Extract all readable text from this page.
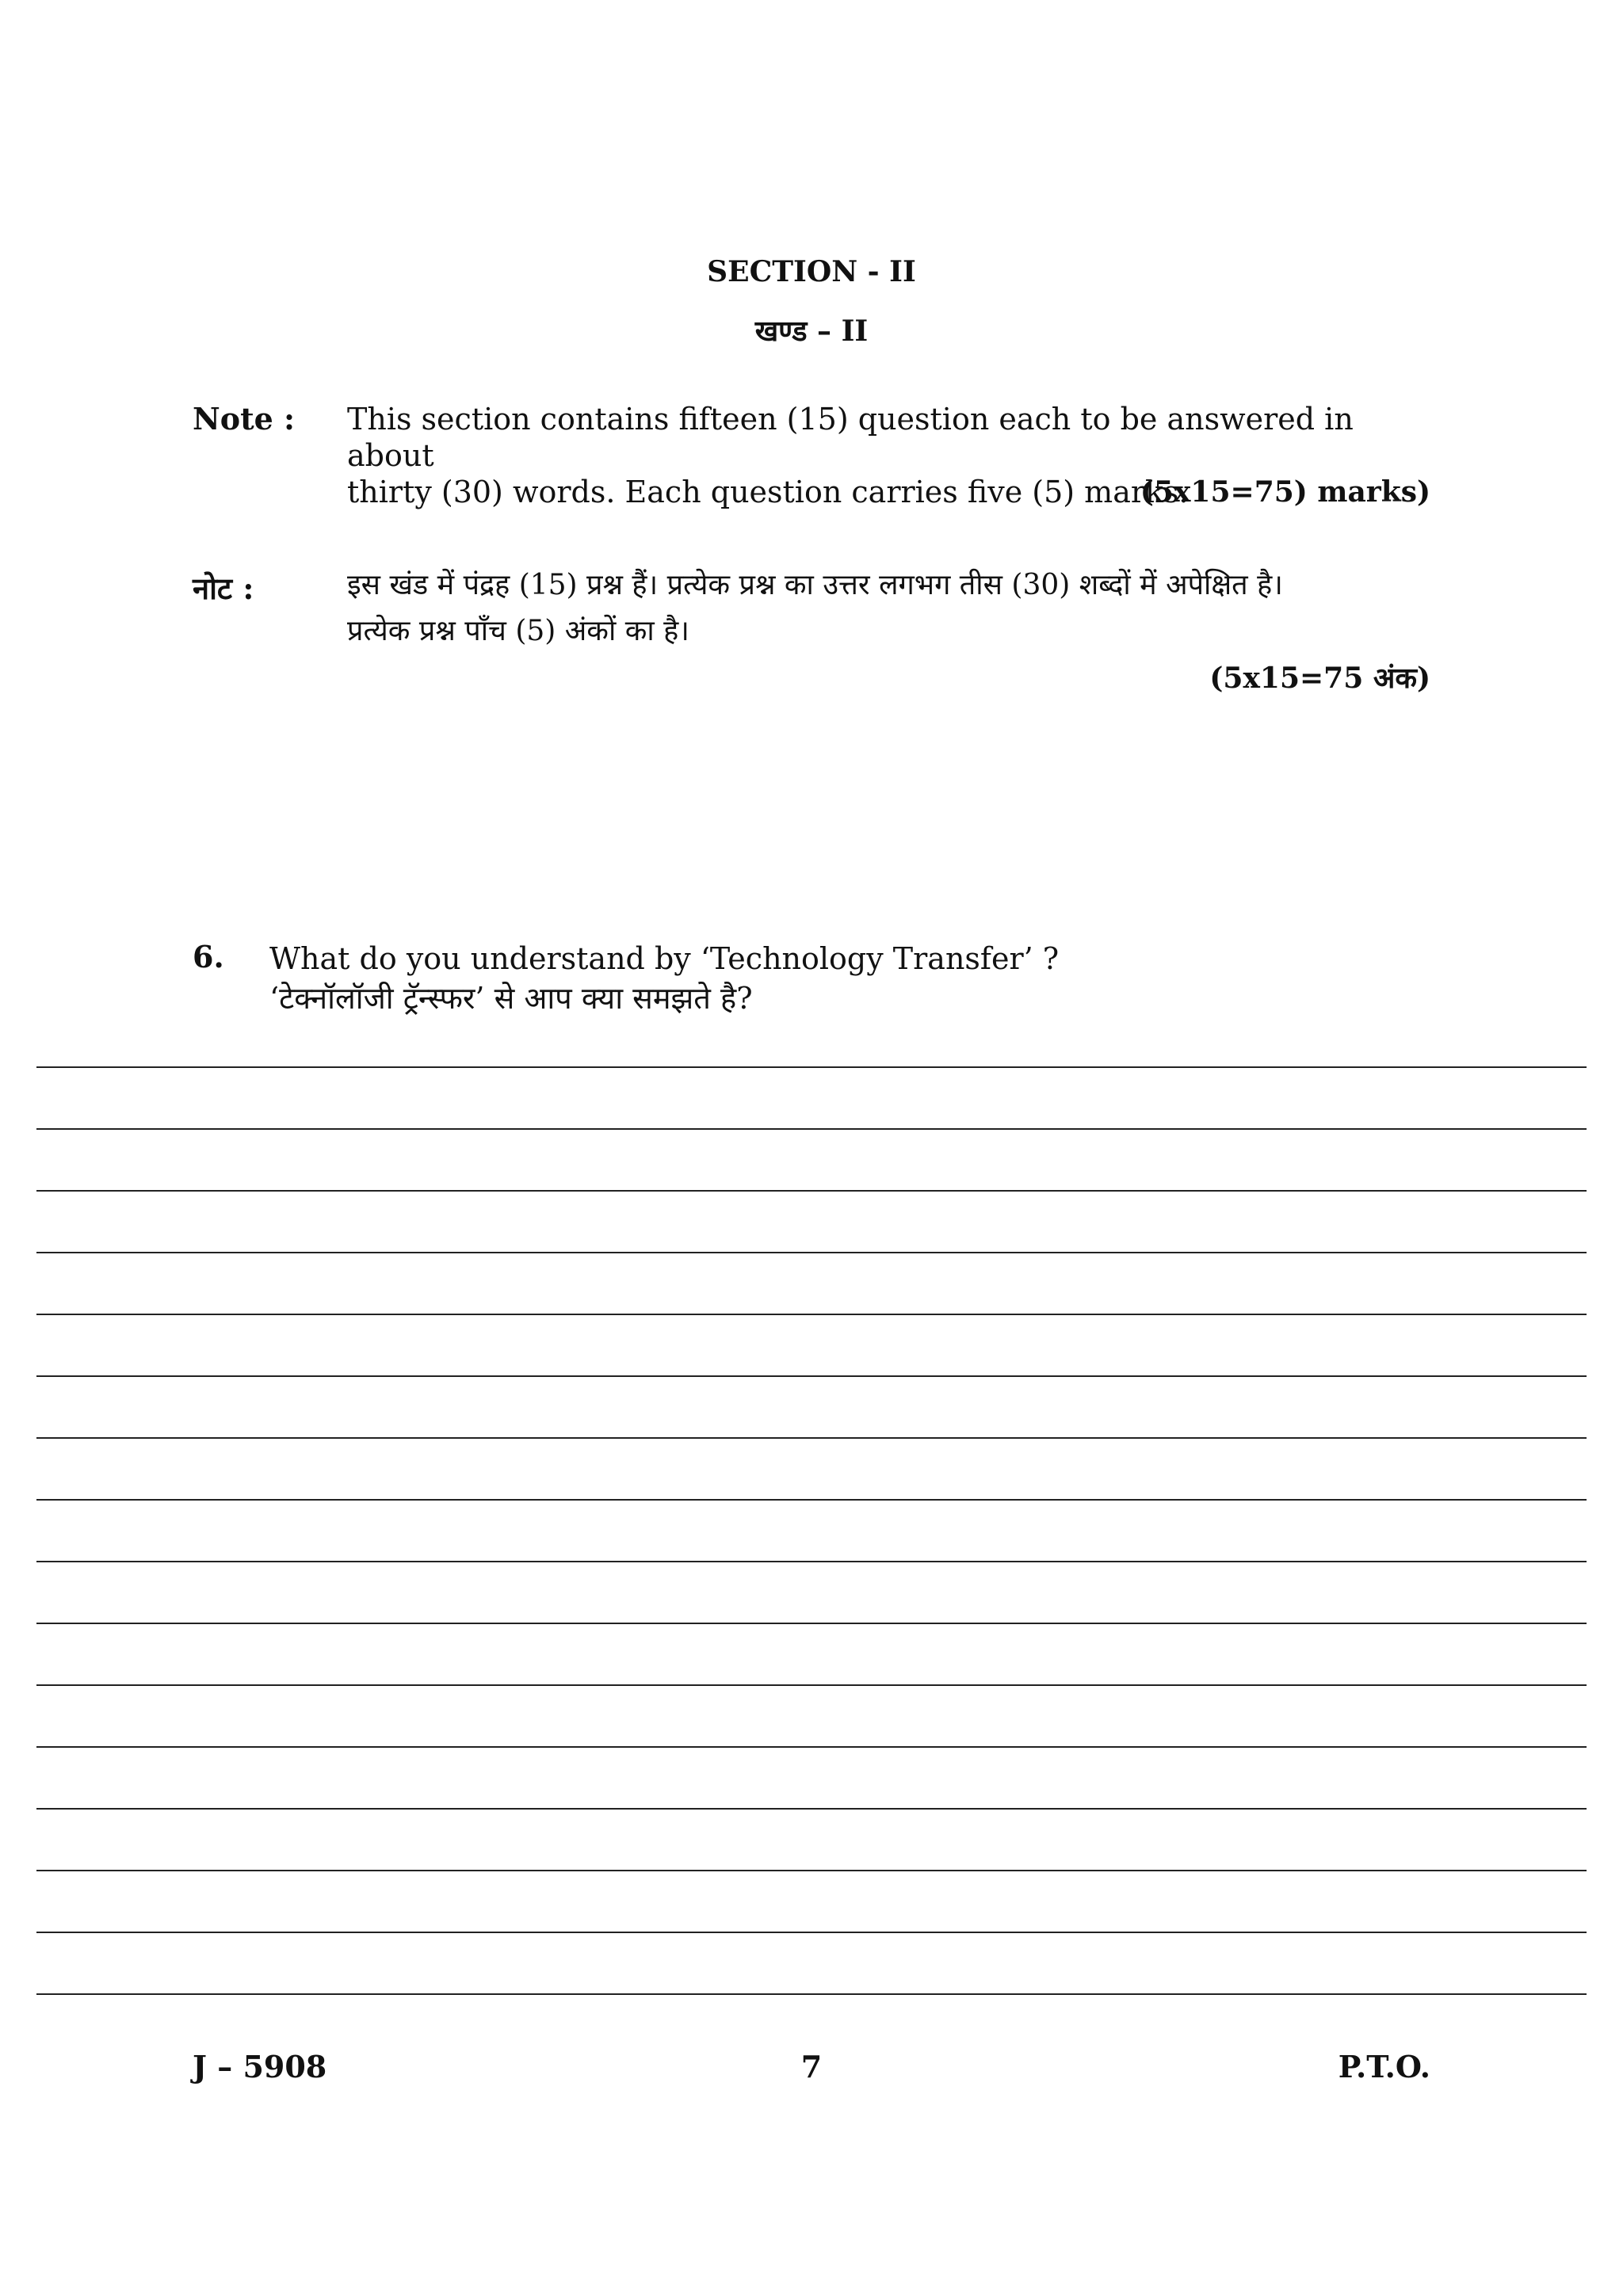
SECTION - II
खण्ड – II
Note : This section contains fifteen (15) question each to be answered in about
thirty (30) words. Each question carries five (5) marks.
(5x15=75) marks)
नोट :	इस खंड में पंद्रह (15) प्रश्न हैं। प्रत्येक प्रश्न का उत्तर लगभग तीस (30) शब्दों में अपेक्षित है।
प्रत्येक प्रश्न पाँच (5) अंकों का है।
(5x15=75 अंक)
6. What do you understand by ‘Technology Transfer’ ?
‘टेक्नॉलॉजी ट्रॅन्स्फर’ से आप क्या समझते है?
J – 5908	7	P.T.O.
